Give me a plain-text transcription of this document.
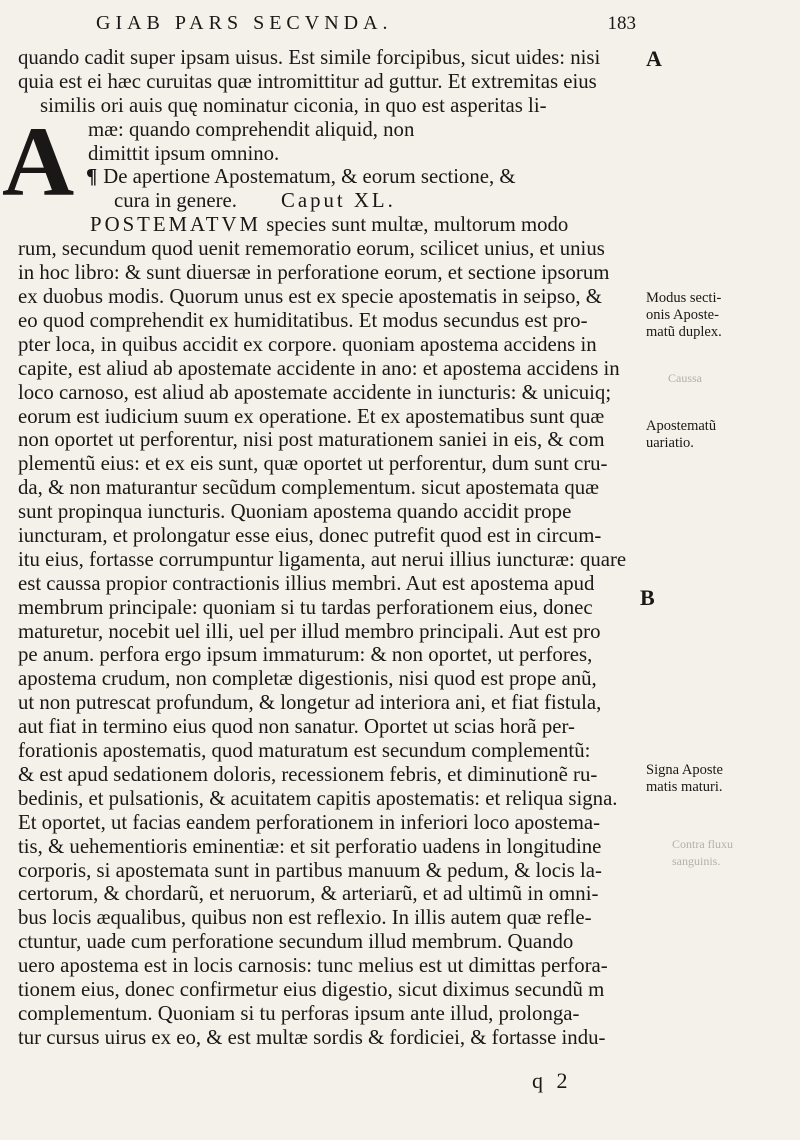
GIAB PARS SECVNDA.	183
A
B
quando cadit super ipsam uisus. Est simile forcipibus, sicut uides: nisi
quia est ei hæc curuitas quæ intromittitur ad guttur. Et extremitas eius
similis ori auis quę nominatur ciconia, in quo est asperitas li-
mæ: quando comprehendit aliquid, non
dimittit ipsum omnino.
¶ De apertione Apostematum, & eorum sectione, &
cura in genere. Caput XL.
POSTEMATVM species sunt multæ, multorum modo
rum, secundum quod uenit rememoratio eorum, scilicet unius, et unius
in hoc libro: & sunt diuersæ in perforatione eorum, et sectione ipsorum
ex duobus modis. Quorum unus est ex specie apostematis in seipso, &
eo quod comprehendit ex humiditatibus. Et modus secundus est pro-
pter loca, in quibus accidit ex corpore. quoniam apostema accidens in
capite, est aliud ab apostemate accidente in ano: et apostema accidens in
loco carnoso, est aliud ab apostemate accidente in iuncturis: & unicuiq;
eorum est iudicium suum ex operatione. Et ex apostematibus sunt quæ
non oportet ut perforentur, nisi post maturationem saniei in eis, & com
plementũ eius: et ex eis sunt, quæ oportet ut perforentur, dum sunt cru-
da, & non maturantur secũdum complementum. sicut apostemata quæ
sunt propinqua iuncturis. Quoniam apostema quando accidit prope
iuncturam, et prolongatur esse eius, donec putrefit quod est in circum-
itu eius, fortasse corrumpuntur ligamenta, aut nerui illius iuncturæ: quare
est caussa propior contractionis illius membri. Aut est apostema apud
membrum principale: quoniam si tu tardas perforationem eius, donec
maturetur, nocebit uel illi, uel per illud membro principali. Aut est pro
pe anum. perfora ergo ipsum immaturum: & non oportet, ut perfores,
apostema crudum, non completæ digestionis, nisi quod est prope anũ,
ut non putrescat profundum, & longetur ad interiora ani, et fiat fistula,
aut fiat in termino eius quod non sanatur. Oportet ut scias horã per-
forationis apostematis, quod maturatum est secundum complementũ:
& est apud sedationem doloris, recessionem febris, et diminutionẽ ru-
bedinis, et pulsationis, & acuitatem capitis apostematis: et reliqua signa.
Et oportet, ut facias eandem perforationem in inferiori loco apostema-
tis, & uehementioris eminentiæ: et sit perforatio uadens in longitudine
corporis, si apostemata sunt in partibus manuum & pedum, & locis la-
certorum, & chordarũ, et neruorum, & arteriarũ, et ad ultimũ in omni-
bus locis æqualibus, quibus non est reflexio. In illis autem quæ refle-
ctuntur, uade cum perforatione secundum illud membrum. Quando
uero apostema est in locis carnosis: tunc melius est ut dimittas perfora-
tionem eius, donec confirmetur eius digestio, sicut diximus secundũ m
complementum. Quoniam si tu perforas ipsum ante illud, prolonga-
tur cursus uirus ex eo, & est multæ sordis & fordiciei, & fortasse indu-
A
Modus secti-
onis Aposte-
matũ duplex.
Caussa
Apostematũ
uariatio.
Signa Aposte
matis maturi.
Contra fluxu
sanguinis.
q 2
